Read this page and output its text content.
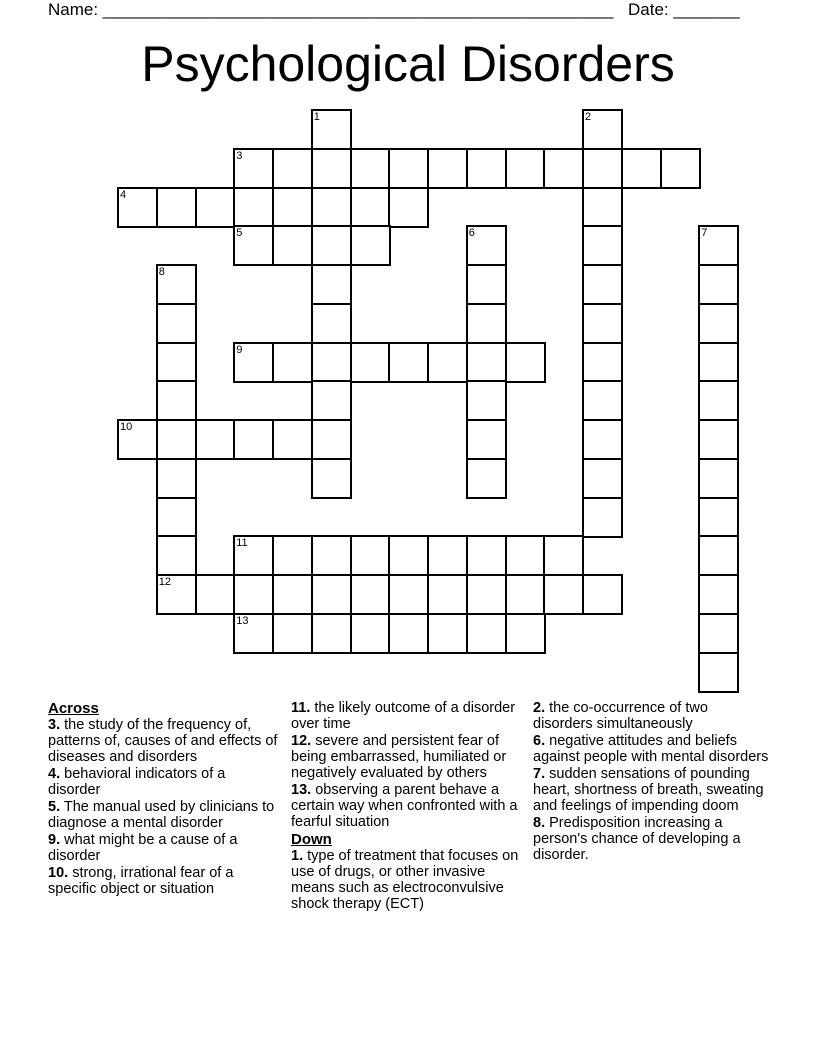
Name: ______________________________________________________ Date: _______
Psychological Disorders
1	2
3
4
5	6	7
8
12
9
10
11
13
Across
3. the study of the frequency of, patterns of, causes of and effects of diseases and disorders
4. behavioral indicators of a disorder
5. The manual used by clinicians to diagnose a mental disorder
9. what might be a cause of a disorder
10. strong, irrational fear of a specific object or situation
11. the likely outcome of a disorder over time
12. severe and persistent fear of being embarrassed, humiliated or negatively evaluated by others
13. observing a parent behave a certain way when confronted with a fearful situation
Down
1. type of treatment that focuses on use of drugs, or other invasive means such as electroconvulsive shock therapy (ECT)
2. the co-occurrence of two disorders simultaneously
6. negative attitudes and beliefs against people with mental disorders
7. sudden sensations of pounding heart, shortness of breath, sweating and feelings of impending doom
8. Predisposition increasing a person's chance of developing a disorder.
